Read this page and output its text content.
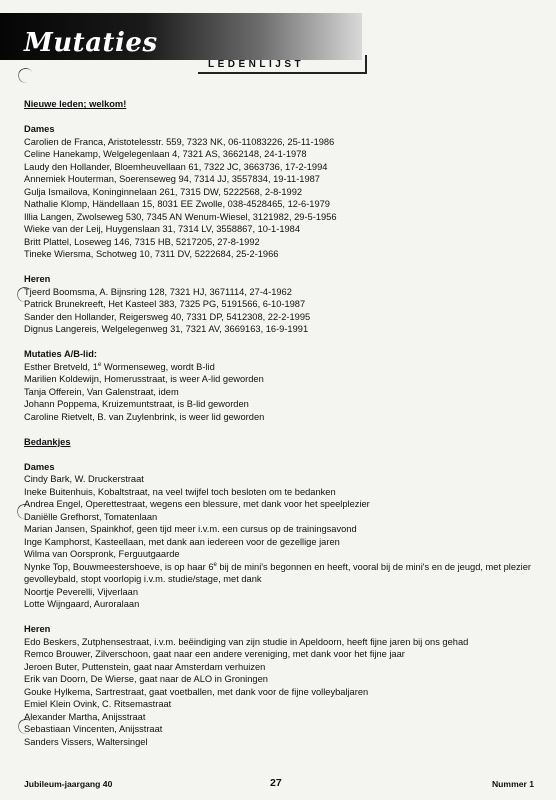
Mutaties
LEDENLIJST
Nieuwe leden; welkom!
Dames
Carolien de Franca, Aristotelesstr. 559, 7323 NK, 06-11083226, 25-11-1986
Celine Hanekamp, Welgelegenlaan 4, 7321 AS, 3662148, 24-1-1978
Laudy den Hollander, Bloemheuvellaan 61, 7322 JC, 3663736, 17-2-1994
Annemiek Houterman, Soerenseweg 94, 7314 JJ, 3557834, 19-11-1987
Gulja Ismailova, Koninginnelaan 261, 7315 DW, 5222568, 2-8-1992
Nathalie Klomp, Händellaan 15, 8031 EE Zwolle, 038-4528465, 12-6-1979
Illia Langen, Zwolseweg 530, 7345 AN Wenum-Wiesel, 3121982, 29-5-1956
Wieke van der Leij, Huygenslaan 31, 7314 LV, 3558867, 10-1-1984
Britt Plattel, Loseweg 146, 7315 HB, 5217205, 27-8-1992
Tineke Wiersma, Schotweg 10, 7311 DV, 5222684, 25-2-1966
Heren
Tjeerd Boomsma, A. Bijnsring 128, 7321 HJ, 3671114, 27-4-1962
Patrick Brunekreeft, Het Kasteel 383, 7325 PG, 5191566, 6-10-1987
Sander den Hollander, Reigersweg 40, 7331 DP, 5412308, 22-2-1995
Dignus Langereis, Welgelegenweg 31, 7321 AV, 3669163, 16-9-1991
Mutaties A/B-lid:
Esther Bretveld, 1e Wormenseweg, wordt B-lid
Marilien Koldewijn, Homerusstraat, is weer A-lid geworden
Tanja Offerein, Van Galenstraat, idem
Johann Poppema, Kruizemuntstraat, is B-lid geworden
Caroline Rietvelt, B. van Zuylenbrink, is weer lid geworden
Bedankjes
Dames
Cindy Bark, W. Druckerstraat
Ineke Buitenhuis, Kobaltstraat, na veel twijfel toch besloten om te bedanken
Andrea Engel, Operettestraat, wegens een blessure, met dank voor het speelplezier
Daniëlle Grefhorst, Tomatenlaan
Marian Jansen, Spainkhof, geen tijd meer i.v.m. een cursus op de trainingsavond
Inge Kamphorst, Kasteellaan, met dank aan iedereen voor de gezellige jaren
Wilma van Oorspronk, Ferguutgaarde
Nynke Top, Bouwmeestershoeve, is op haar 6e bij de mini's begonnen en heeft, vooral bij de mini's en de jeugd, met plezier gevolleybald, stopt voorlopig i.v.m. studie/stage, met dank
Noortje Peverelli, Vijverlaan
Lotte Wijngaard, Auroralaan
Heren
Edo Beskers, Zutphensestraat, i.v.m. beëindiging van zijn studie in Apeldoorn, heeft fijne jaren bij ons gehad
Remco Brouwer, Zilverschoon, gaat naar een andere vereniging, met dank voor het fijne jaar
Jeroen Buter, Puttenstein, gaat naar Amsterdam verhuizen
Erik van Doorn, De Wierse, gaat naar de ALO in Groningen
Gouke Hylkema, Sartrestraat, gaat voetballen, met dank voor de fijne volleybaljaren
Emiel Klein Ovink, C. Ritsemastraat
Alexander Martha, Anijsstraat
Sebastiaan Vincenten, Anijsstraat
Sanders Vissers, Waltersingel
Jubileum-jaargang 40	27	Nummer 1
